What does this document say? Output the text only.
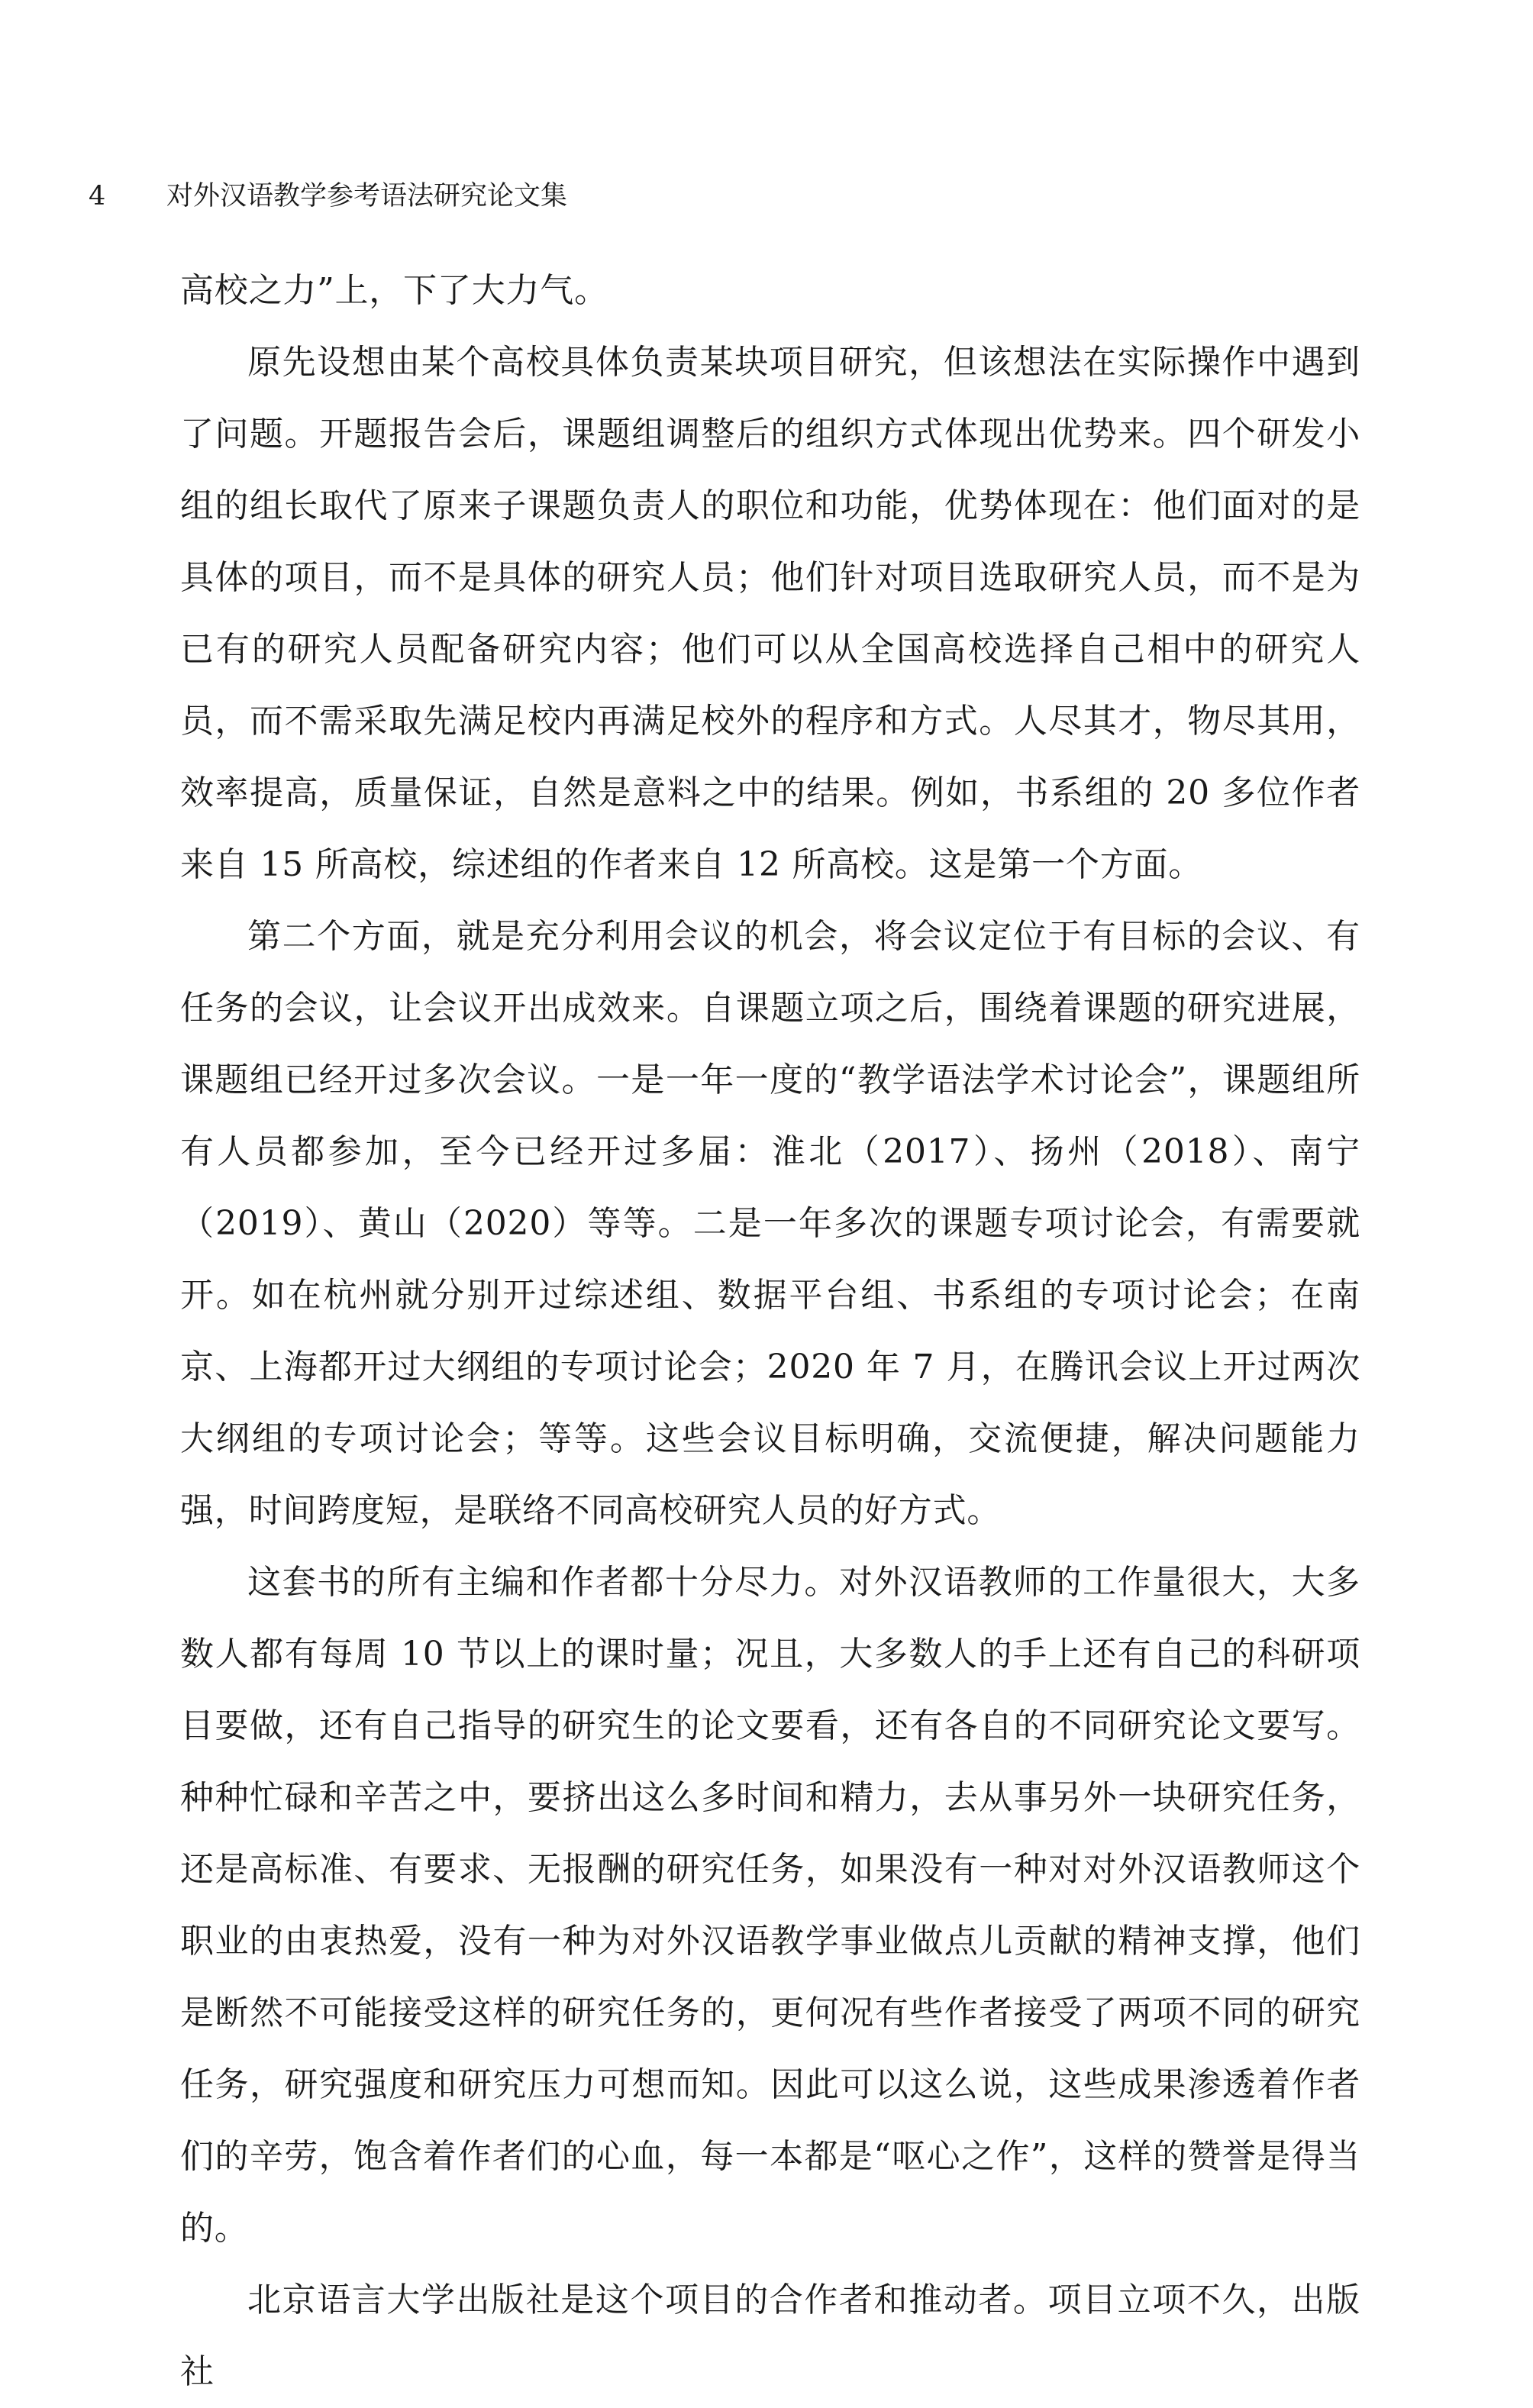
4 对外汉语教学参考语法研究论文集

高校之力”上，下了大力气。

原先设想由某个高校具体负责某块项目研究，但该想法在实际操作中遇到了问题。开题报告会后，课题组调整后的组织方式体现出优势来。四个研发小组的组长取代了原来子课题负责人的职位和功能，优势体现在：他们面对的是具体的项目，而不是具体的研究人员；他们针对项目选取研究人员，而不是为已有的研究人员配备研究内容；他们可以从全国高校选择自己相中的研究人员，而不需采取先满足校内再满足校外的程序和方式。人尽其才，物尽其用，效率提高，质量保证，自然是意料之中的结果。例如，书系组的 20 多位作者来自 15 所高校，综述组的作者来自 12 所高校。这是第一个方面。

第二个方面，就是充分利用会议的机会，将会议定位于有目标的会议、有任务的会议，让会议开出成效来。自课题立项之后，围绕着课题的研究进展，课题组已经开过多次会议。一是一年一度的“教学语法学术讨论会”，课题组所有人员都参加，至今已经开过多届：淮北（2017）、扬州（2018）、南宁（2019）、黄山（2020）等等。二是一年多次的课题专项讨论会，有需要就开。如在杭州就分别开过综述组、数据平台组、书系组的专项讨论会；在南京、上海都开过大纲组的专项讨论会；2020 年 7 月，在腾讯会议上开过两次大纲组的专项讨论会；等等。这些会议目标明确，交流便捷，解决问题能力强，时间跨度短，是联络不同高校研究人员的好方式。

这套书的所有主编和作者都十分尽力。对外汉语教师的工作量很大，大多数人都有每周 10 节以上的课时量；况且，大多数人的手上还有自己的科研项目要做，还有自己指导的研究生的论文要看，还有各自的不同研究论文要写。种种忙碌和辛苦之中，要挤出这么多时间和精力，去从事另外一块研究任务，还是高标准、有要求、无报酬的研究任务，如果没有一种对对外汉语教师这个职业的由衷热爱，没有一种为对外汉语教学事业做点儿贡献的精神支撑，他们是断然不可能接受这样的研究任务的，更何况有些作者接受了两项不同的研究任务，研究强度和研究压力可想而知。因此可以这么说，这些成果渗透着作者们的辛劳，饱含着作者们的心血，每一本都是“呕心之作”，这样的赞誉是得当的。

北京语言大学出版社是这个项目的合作者和推动者。项目立项不久，出版社
